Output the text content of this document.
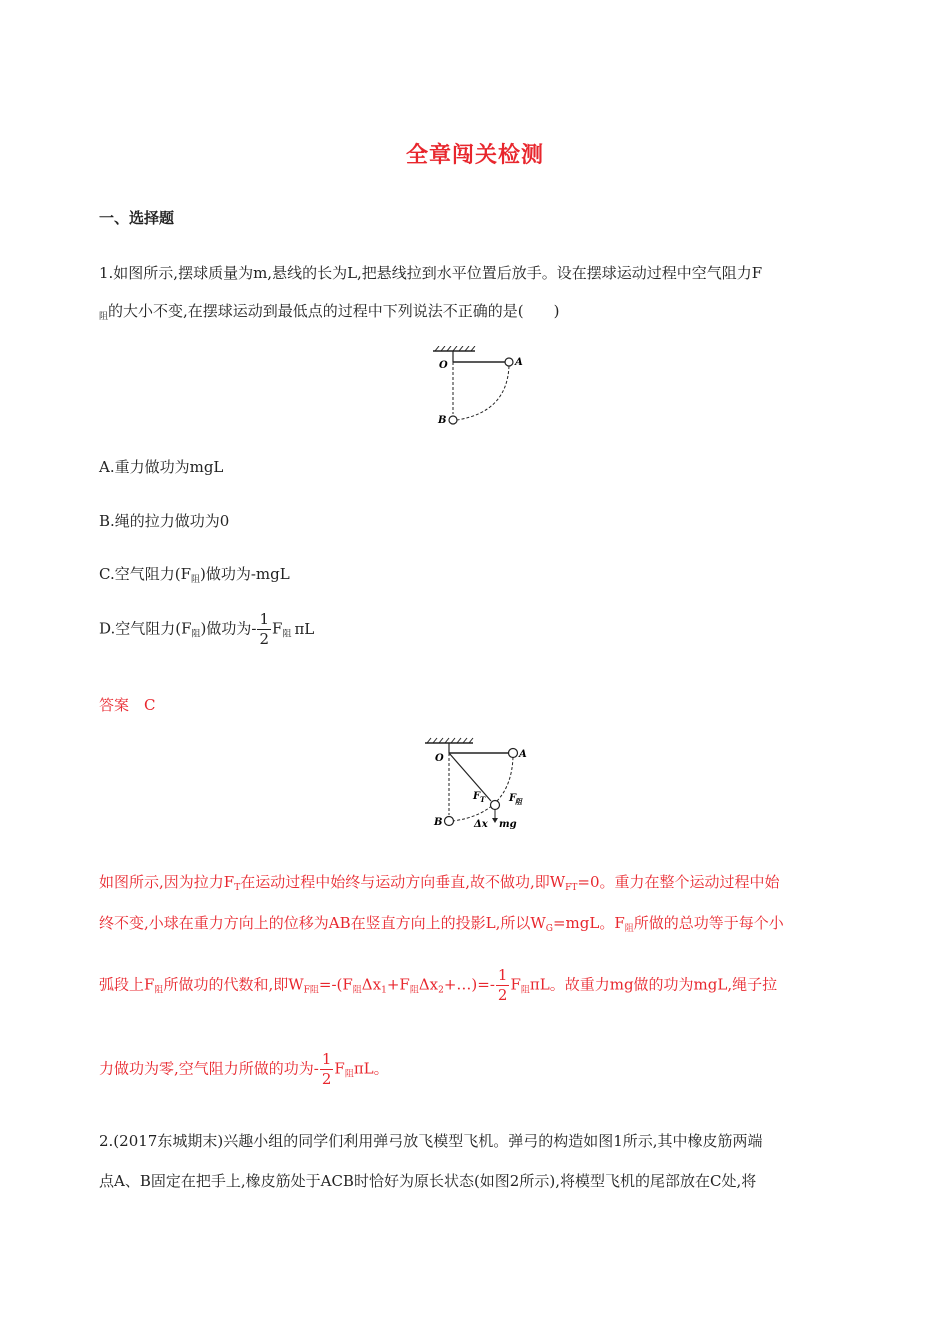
全章闯关检测
一、选择题
1.如图所示,摆球质量为m,悬线的长为L,把悬线拉到水平位置后放手。设在摆球运动过程中空气阻力F
$_阻$的大小不变,在摆球运动到最低点的过程中下列说法不正确的是(　　)
O	A
B
A.重力做功为mgL
B.绳的拉力做功为0
C.空气阻力$(F_阻)$做功为-mgL
D.空气阻力$(F_阻)$做功为- $\frac{1}{2} F_阻$ πL
答案　C
O	A
B
F T F
阻
Δx mg
如图所示,因为拉力$F_T$在运动过程中始终与运动方向垂直,故不做功,即$W_{FT}=0$。重力在整个运动过程中始
终不变,小球在重力方向上的位移为AB在竖直方向上的投影L,所以$W_G=mgL$。$F_阻$所做的总功等于每个小
弧段上$F_阻$所做功的代数和,即$W_{F阻}=-(F_阻\Delta x_1+F_阻\Delta x_2+\dots)=- \frac{1}{2} F_阻\pi L$。故重力mg做的功为mgL,绳子拉
力做功为零,空气阻力所做的功为- $\frac{1}{2} F_阻\pi L$。
2.(2017东城期末)兴趣小组的同学们利用弹弓放飞模型飞机。弹弓的构造如图1所示,其中橡皮筋两端
点A、B固定在把手上,橡皮筋处于ACB时恰好为原长状态(如图2所示),将模型飞机的尾部放在C处,将
